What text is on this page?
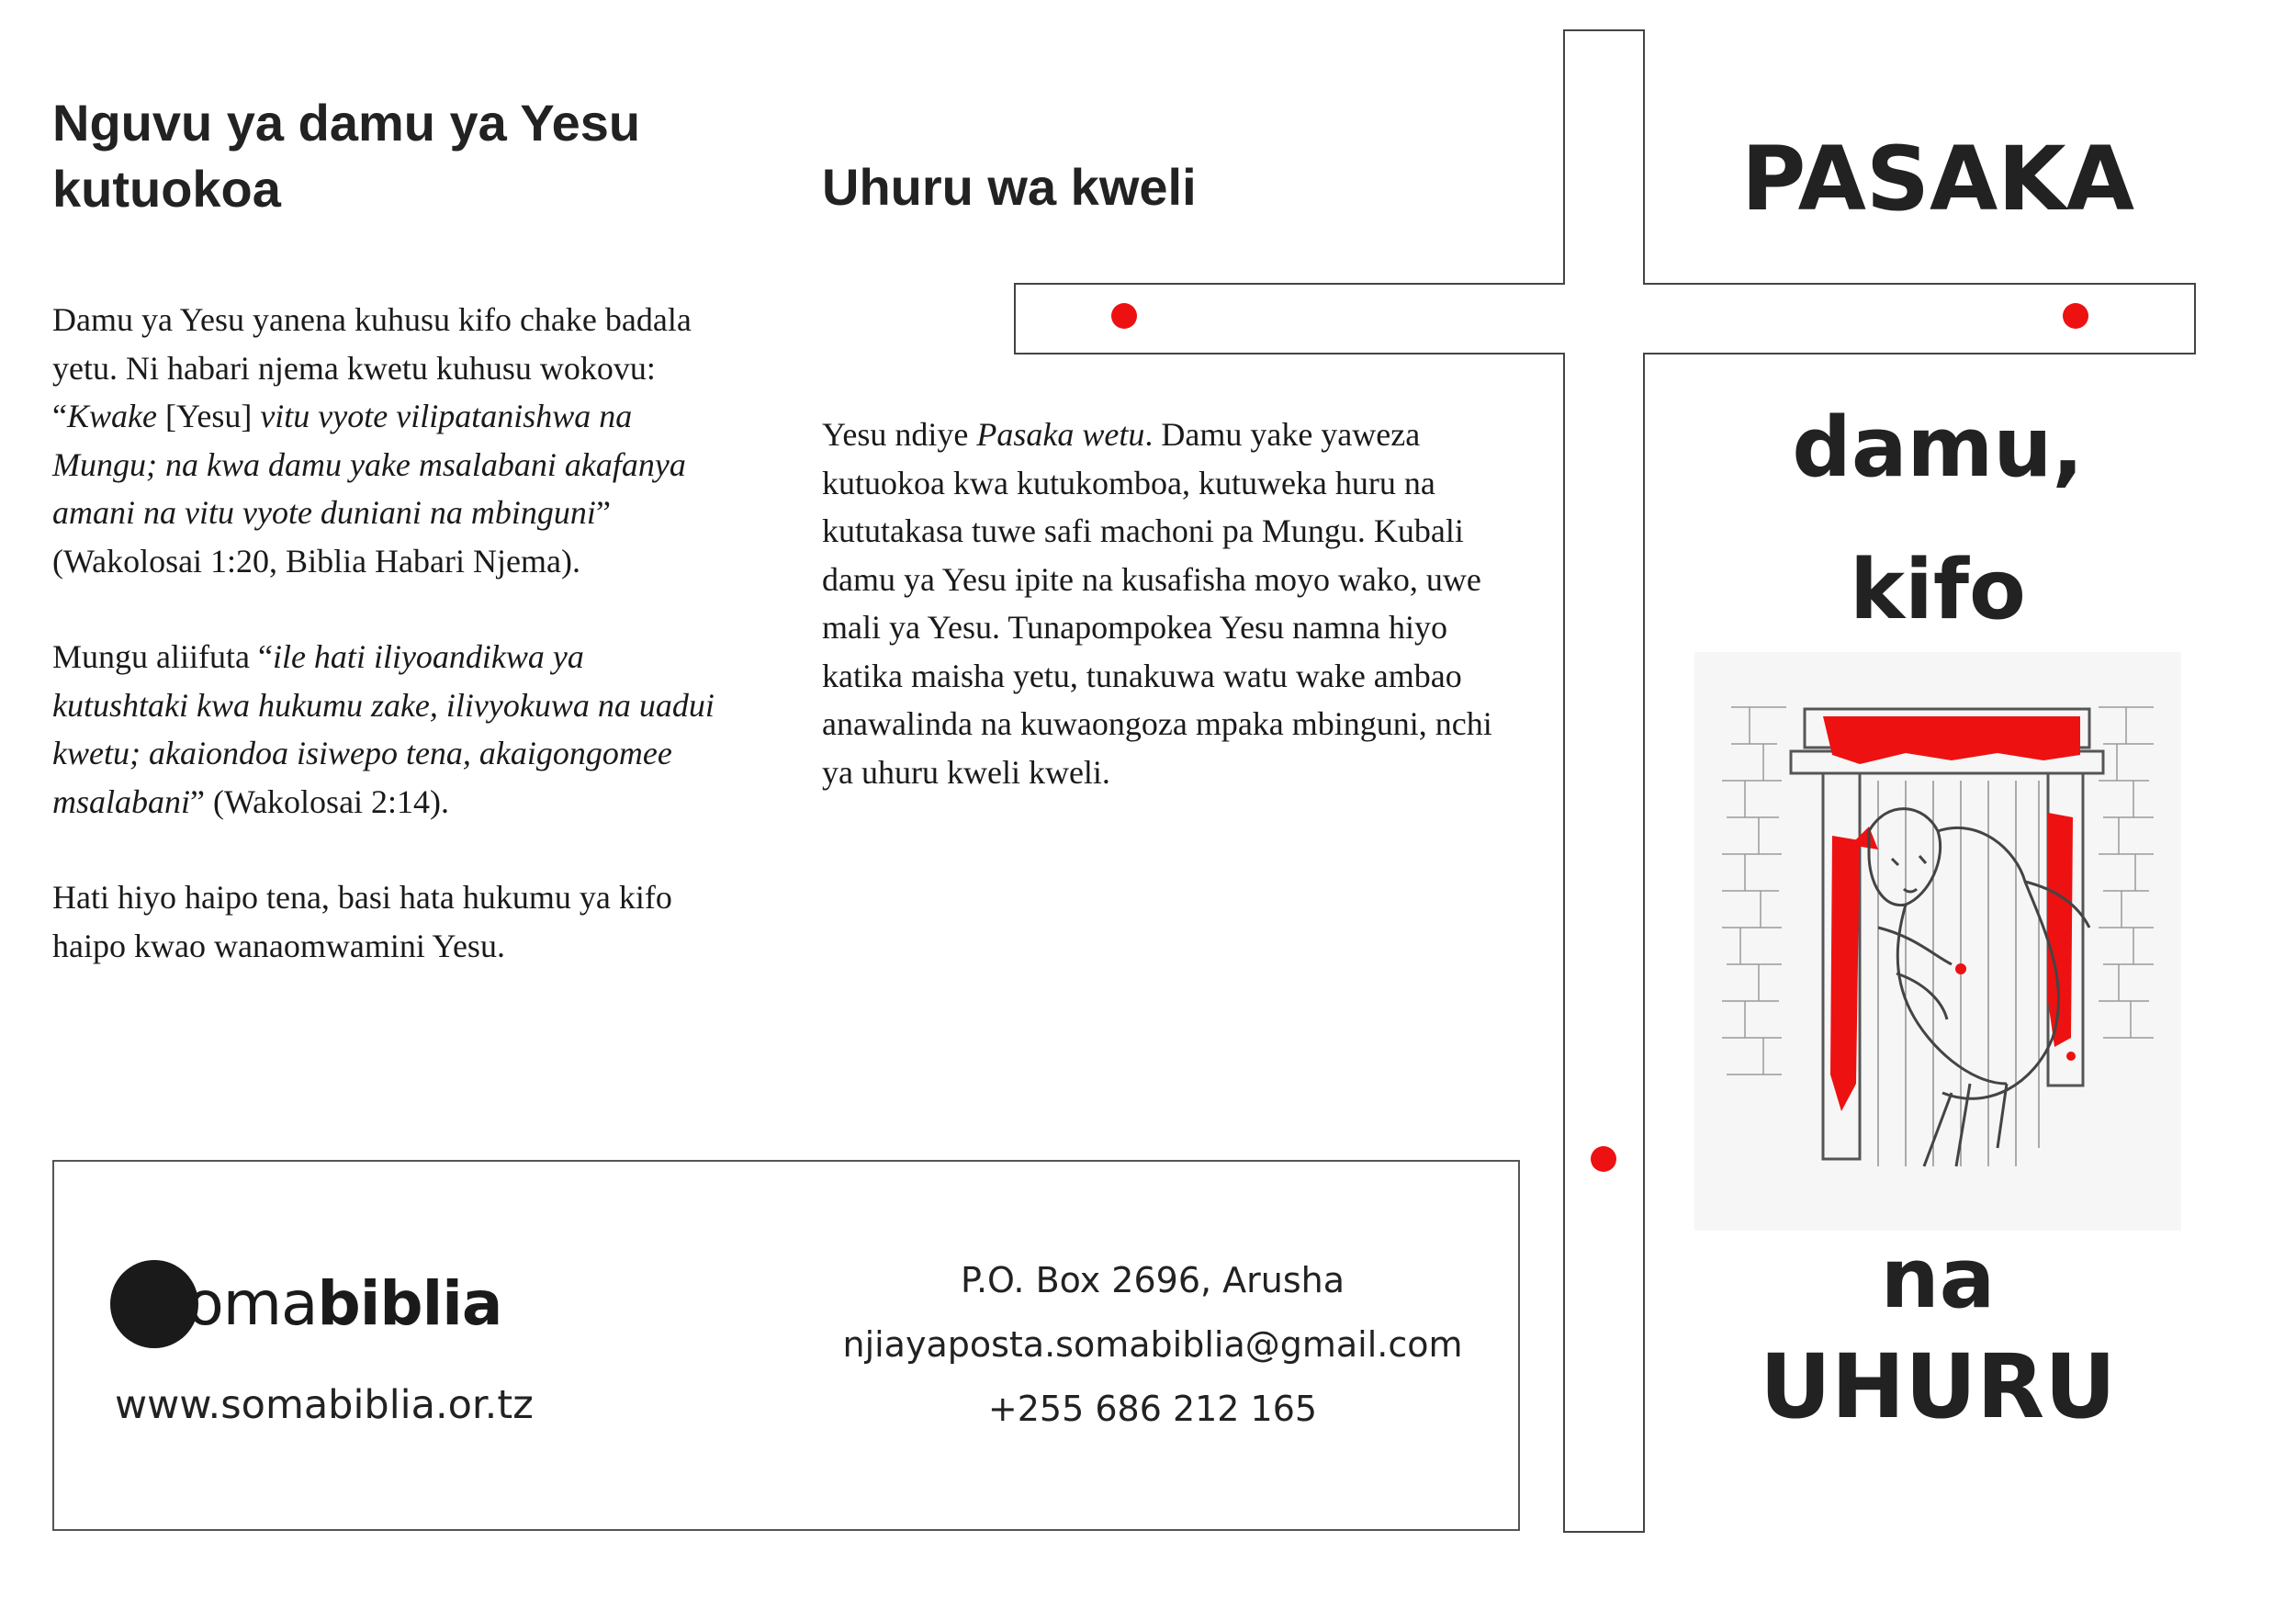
Nguvu ya damu ya Yesu kutuokoa

Damu ya Yesu yanena kuhusu kifo chake badala yetu. Ni habari njema kwetu kuhusu wokovu: “Kwake [Yesu] vitu vyote vilipatanishwa na Mungu; na kwa damu yake msalabani akafanya amani na vitu vyote duniani na mbinguni” (Wakolosai 1:20, Biblia Habari Njema).

Mungu aliifuta “ile hati iliyoandikwa ya kutushtaki kwa hukumu zake, ilivyokuwa na uadui kwetu; akaiondoa isiwepo tena, akaigongomee msalabani” (Wakolosai 2:14).

Hati hiyo haipo tena, basi hata hukumu ya kifo haipo kwao wanaomwamini Yesu.

Uhuru wa kweli

Yesu ndiye Pasaka wetu. Damu yake yaweza kutuokoa kwa kutukomboa, kutuweka huru na kututakasa tuwe safi machoni pa Mungu. Kubali damu ya Yesu ipite na kusafisha moyo wako, uwe mali ya Yesu. Tunapompokea Yesu namna hiyo katika maisha yetu, tunakuwa watu wake ambao anawalinda na kuwaongoza mpaka mbinguni, nchi ya uhuru kweli kweli.

somabiblia
www.somabiblia.or.tz
P.O. Box 2696, Arusha
njiayaposta.somabiblia@gmail.com
+255 686 212 165
PASAKA
damu,
kifo
na
UHURU
